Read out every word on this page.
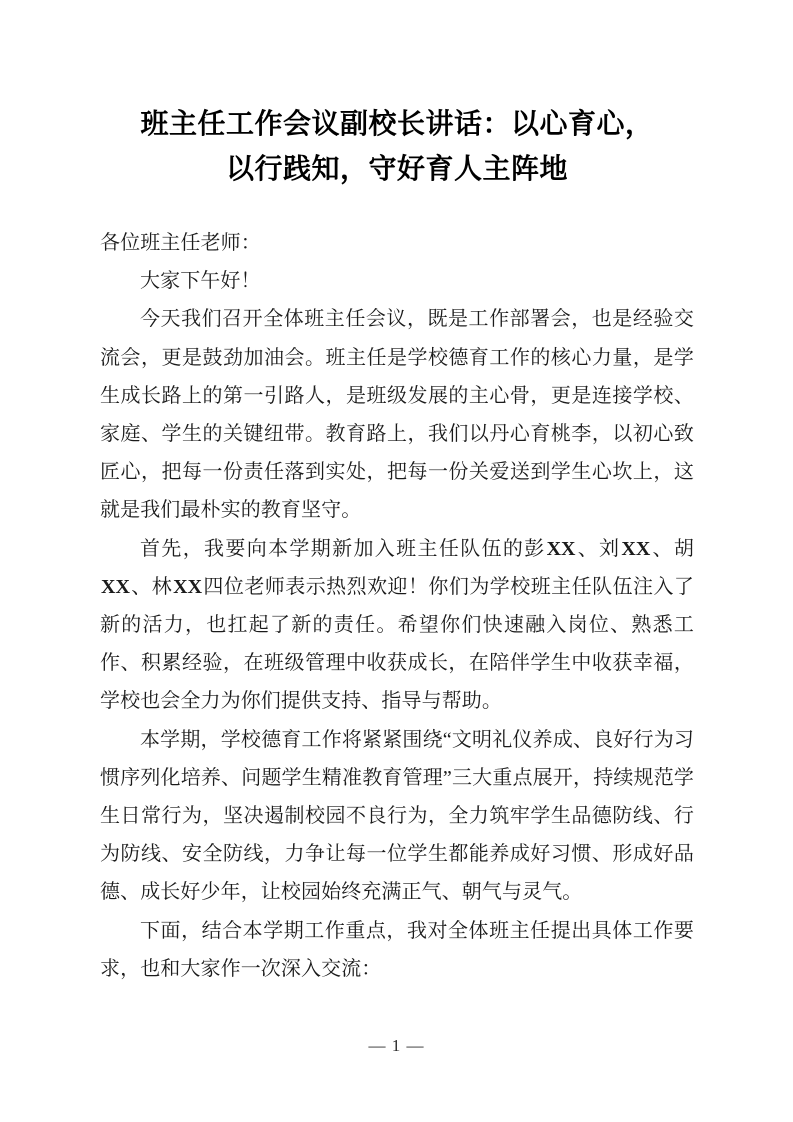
班主任工作会议副校长讲话：以心育心，
以行践知，守好育人主阵地

各位班主任老师：

大家下午好！

今天我们召开全体班主任会议，既是工作部署会，也是经验交流会，更是鼓劲加油会。班主任是学校德育工作的核心力量，是学生成长路上的第一引路人，是班级发展的主心骨，更是连接学校、家庭、学生的关键纽带。教育路上，我们以丹心育桃李，以初心致匠心，把每一份责任落到实处，把每一份关爱送到学生心坎上，这就是我们最朴实的教育坚守。

首先，我要向本学期新加入班主任队伍的彭XX、刘XX、胡XX、林XX四位老师表示热烈欢迎！你们为学校班主任队伍注入了新的活力，也扛起了新的责任。希望你们快速融入岗位、熟悉工作、积累经验，在班级管理中收获成长，在陪伴学生中收获幸福，学校也会全力为你们提供支持、指导与帮助。

本学期，学校德育工作将紧紧围绕“文明礼仪养成、良好行为习惯序列化培养、问题学生精准教育管理”三大重点展开，持续规范学生日常行为，坚决遏制校园不良行为，全力筑牢学生品德防线、行为防线、安全防线，力争让每一位学生都能养成好习惯、形成好品德、成长好少年，让校园始终充满正气、朝气与灵气。

下面，结合本学期工作重点，我对全体班主任提出具体工作要求，也和大家作一次深入交流：

— 1 —
